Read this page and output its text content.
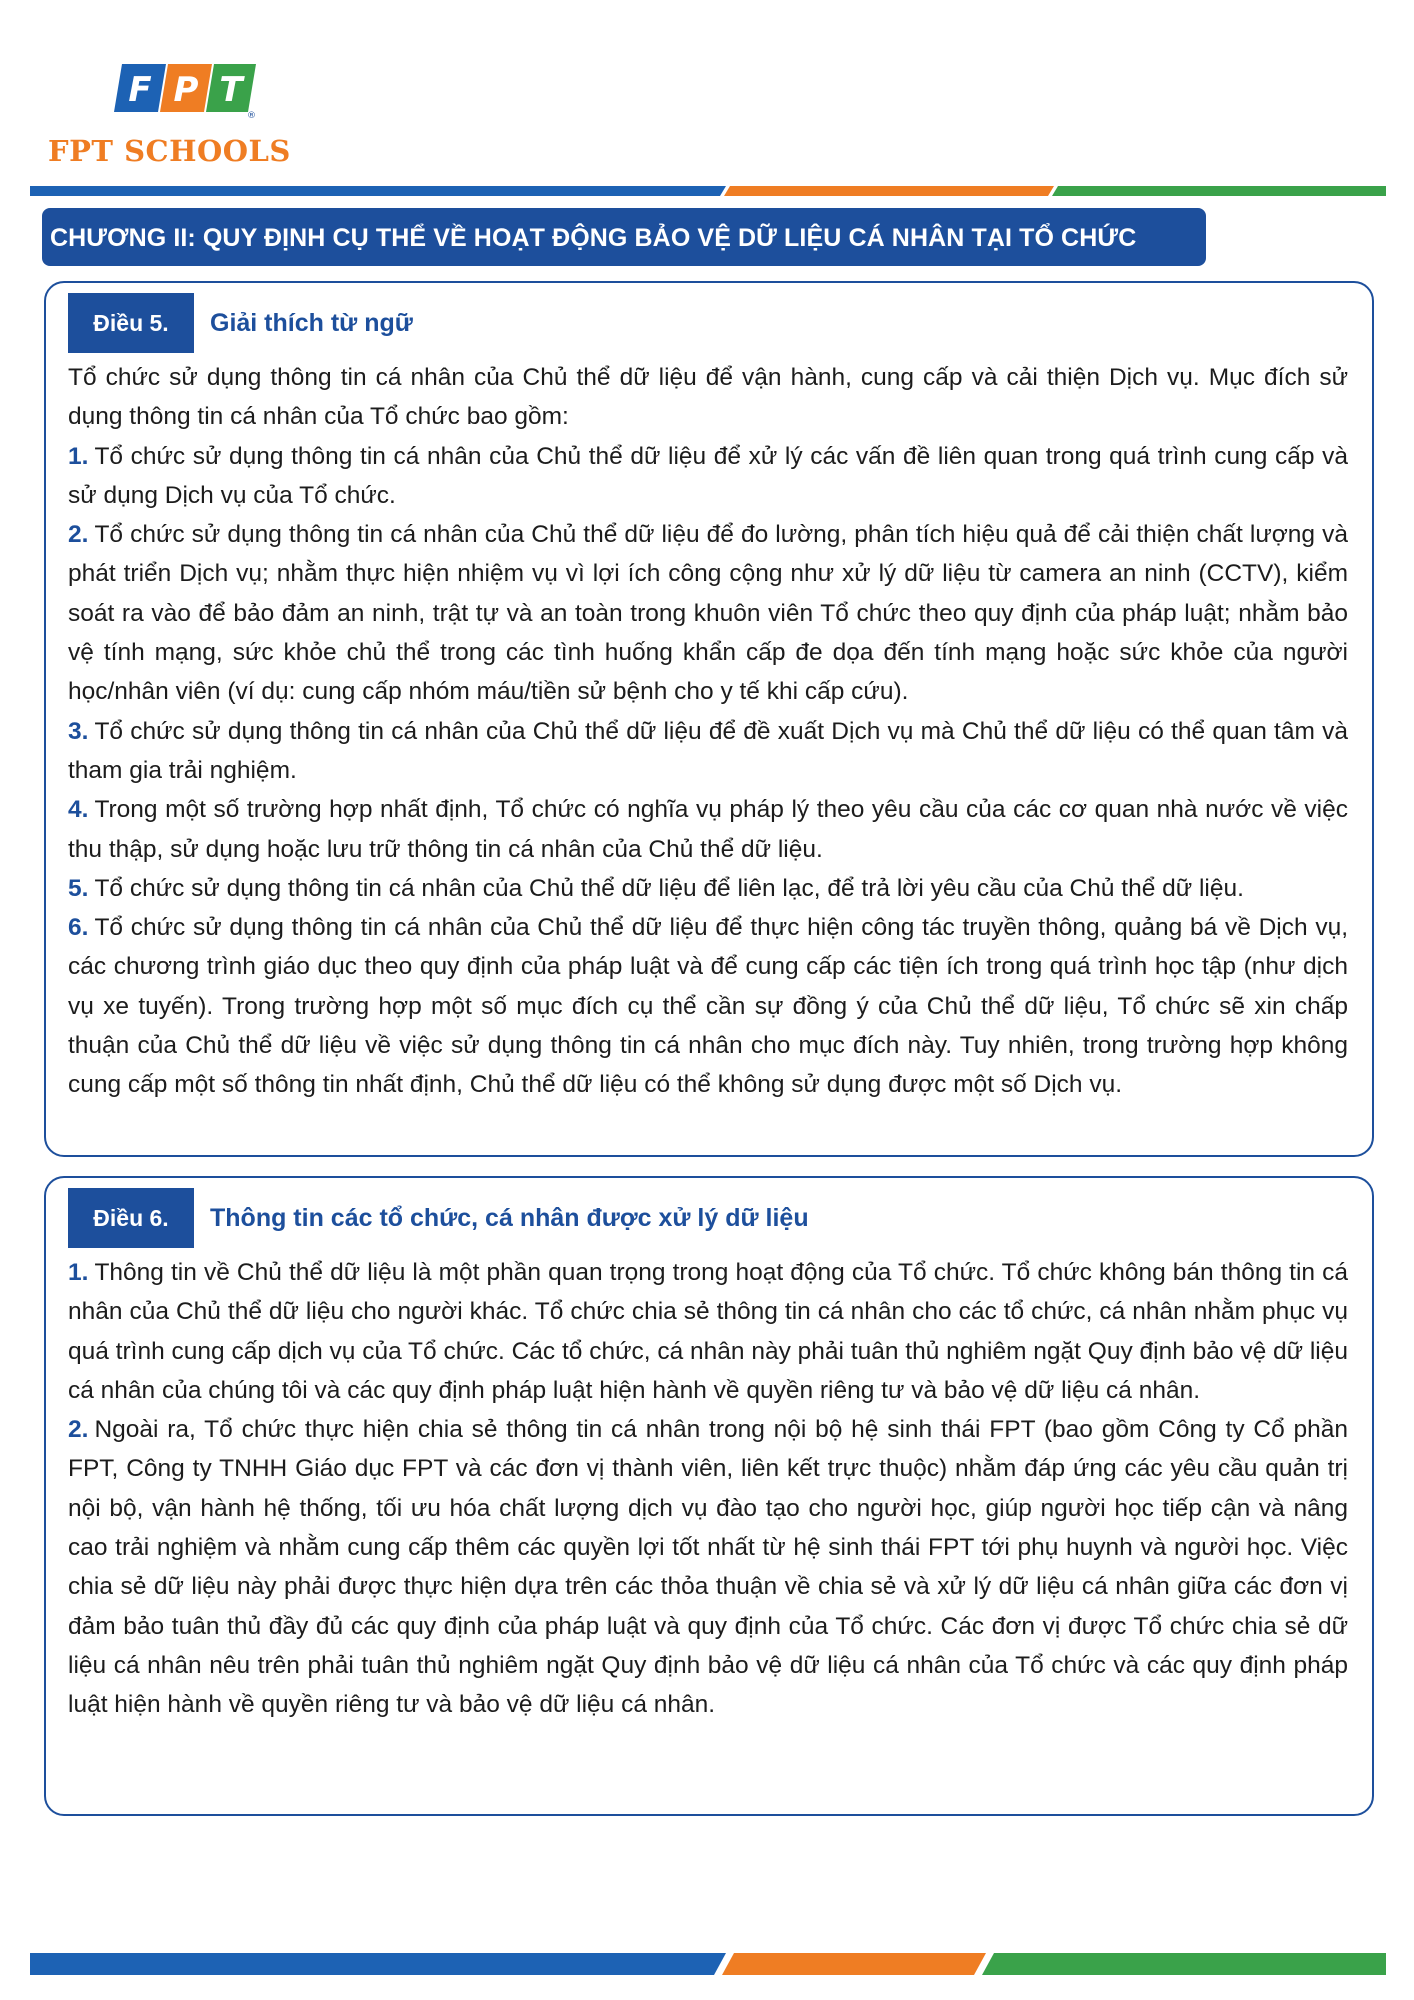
F P T
®
FPT SCHOOLS
CHƯƠNG II: QUY ĐỊNH CỤ THỂ VỀ HOẠT ĐỘNG BẢO VỆ DỮ LIỆU CÁ NHÂN TẠI TỔ CHỨC
Điều 5.	Giải thích từ ngữ

Tổ chức sử dụng thông tin cá nhân của Chủ thể dữ liệu để vận hành, cung cấp và cải thiện Dịch vụ. Mục đích sử dụng thông tin cá nhân của Tổ chức bao gồm:

1. Tổ chức sử dụng thông tin cá nhân của Chủ thể dữ liệu để xử lý các vấn đề liên quan trong quá trình cung cấp và sử dụng Dịch vụ của Tổ chức.

2. Tổ chức sử dụng thông tin cá nhân của Chủ thể dữ liệu để đo lường, phân tích hiệu quả để cải thiện chất lượng và phát triển Dịch vụ; nhằm thực hiện nhiệm vụ vì lợi ích công cộng như xử lý dữ liệu từ camera an ninh (CCTV), kiểm soát ra vào để bảo đảm an ninh, trật tự và an toàn trong khuôn viên Tổ chức theo quy định của pháp luật; nhằm bảo vệ tính mạng, sức khỏe chủ thể trong các tình huống khẩn cấp đe dọa đến tính mạng hoặc sức khỏe của người học/nhân viên (ví dụ: cung cấp nhóm máu/tiền sử bệnh cho y tế khi cấp cứu).

3. Tổ chức sử dụng thông tin cá nhân của Chủ thể dữ liệu để đề xuất Dịch vụ mà Chủ thể dữ liệu có thể quan tâm và tham gia trải nghiệm.

4. Trong một số trường hợp nhất định, Tổ chức có nghĩa vụ pháp lý theo yêu cầu của các cơ quan nhà nước về việc thu thập, sử dụng hoặc lưu trữ thông tin cá nhân của Chủ thể dữ liệu.

5. Tổ chức sử dụng thông tin cá nhân của Chủ thể dữ liệu để liên lạc, để trả lời yêu cầu của Chủ thể dữ liệu.

6. Tổ chức sử dụng thông tin cá nhân của Chủ thể dữ liệu để thực hiện công tác truyền thông, quảng bá về Dịch vụ, các chương trình giáo dục theo quy định của pháp luật và để cung cấp các tiện ích trong quá trình học tập (như dịch vụ xe tuyến). Trong trường hợp một số mục đích cụ thể cần sự đồng ý của Chủ thể dữ liệu, Tổ chức sẽ xin chấp thuận của Chủ thể dữ liệu về việc sử dụng thông tin cá nhân cho mục đích này. Tuy nhiên, trong trường hợp không cung cấp một số thông tin nhất định, Chủ thể dữ liệu có thể không sử dụng được một số Dịch vụ.

Điều 6.	Thông tin các tổ chức, cá nhân được xử lý dữ liệu

1. Thông tin về Chủ thể dữ liệu là một phần quan trọng trong hoạt động của Tổ chức. Tổ chức không bán thông tin cá nhân của Chủ thể dữ liệu cho người khác. Tổ chức chia sẻ thông tin cá nhân cho các tổ chức, cá nhân nhằm phục vụ quá trình cung cấp dịch vụ của Tổ chức. Các tổ chức, cá nhân này phải tuân thủ nghiêm ngặt Quy định bảo vệ dữ liệu cá nhân của chúng tôi và các quy định pháp luật hiện hành về quyền riêng tư và bảo vệ dữ liệu cá nhân.

2. Ngoài ra, Tổ chức thực hiện chia sẻ thông tin cá nhân trong nội bộ hệ sinh thái FPT (bao gồm Công ty Cổ phần FPT, Công ty TNHH Giáo dục FPT và các đơn vị thành viên, liên kết trực thuộc) nhằm đáp ứng các yêu cầu quản trị nội bộ, vận hành hệ thống, tối ưu hóa chất lượng dịch vụ đào tạo cho người học, giúp người học tiếp cận và nâng cao trải nghiệm và nhằm cung cấp thêm các quyền lợi tốt nhất từ hệ sinh thái FPT tới phụ huynh và người học. Việc chia sẻ dữ liệu này phải được thực hiện dựa trên các thỏa thuận về chia sẻ và xử lý dữ liệu cá nhân giữa các đơn vị đảm bảo tuân thủ đầy đủ các quy định của pháp luật và quy định của Tổ chức. Các đơn vị được Tổ chức chia sẻ dữ liệu cá nhân nêu trên phải tuân thủ nghiêm ngặt Quy định bảo vệ dữ liệu cá nhân của Tổ chức và các quy định pháp luật hiện hành về quyền riêng tư và bảo vệ dữ liệu cá nhân.
